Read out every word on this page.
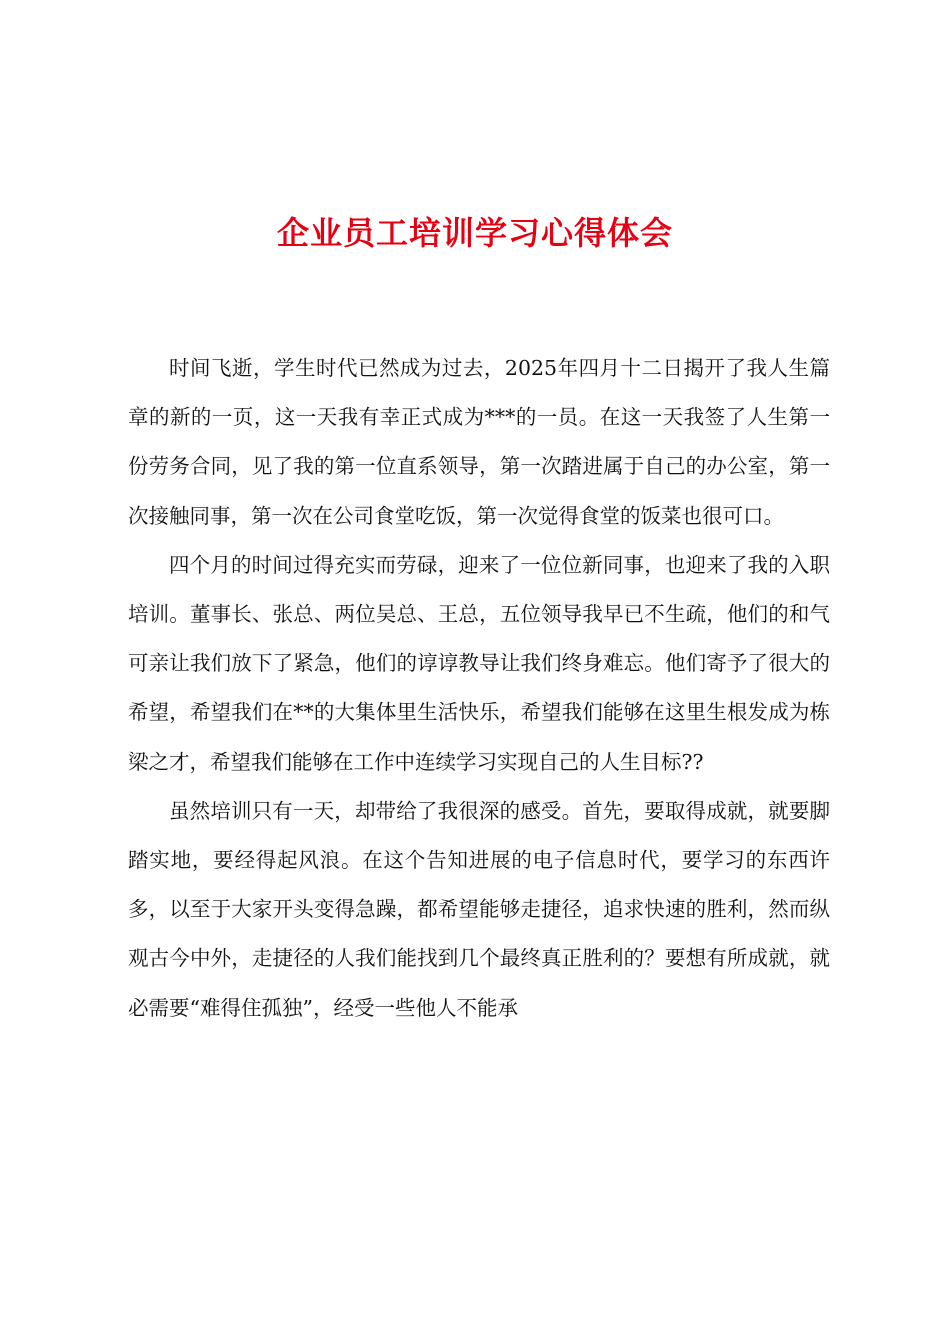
企业员工培训学习心得体会

时间飞逝，学生时代已然成为过去，2025年四月十二日揭开了我人生篇章的新的一页，这一天我有幸正式成为***的一员。在这一天我签了人生第一份劳务合同，见了我的第一位直系领导，第一次踏进属于自己的办公室，第一次接触同事，第一次在公司食堂吃饭，第一次觉得食堂的饭菜也很可口。

四个月的时间过得充实而劳碌，迎来了一位位新同事，也迎来了我的入职培训。董事长、张总、两位吴总、王总，五位领导我早已不生疏，他们的和气可亲让我们放下了紧急，他们的谆谆教导让我们终身难忘。他们寄予了很大的希望，希望我们在**的大集体里生活快乐，希望我们能够在这里生根发成为栋梁之才，希望我们能够在工作中连续学习实现自己的人生目标??

虽然培训只有一天，却带给了我很深的感受。首先，要取得成就，就要脚踏实地，要经得起风浪。在这个告知进展的电子信息时代，要学习的东西许多，以至于大家开头变得急躁，都希望能够走捷径，追求快速的胜利，然而纵观古今中外，走捷径的人我们能找到几个最终真正胜利的？要想有所成就，就必需要“难得住孤独”，经受一些他人不能承
